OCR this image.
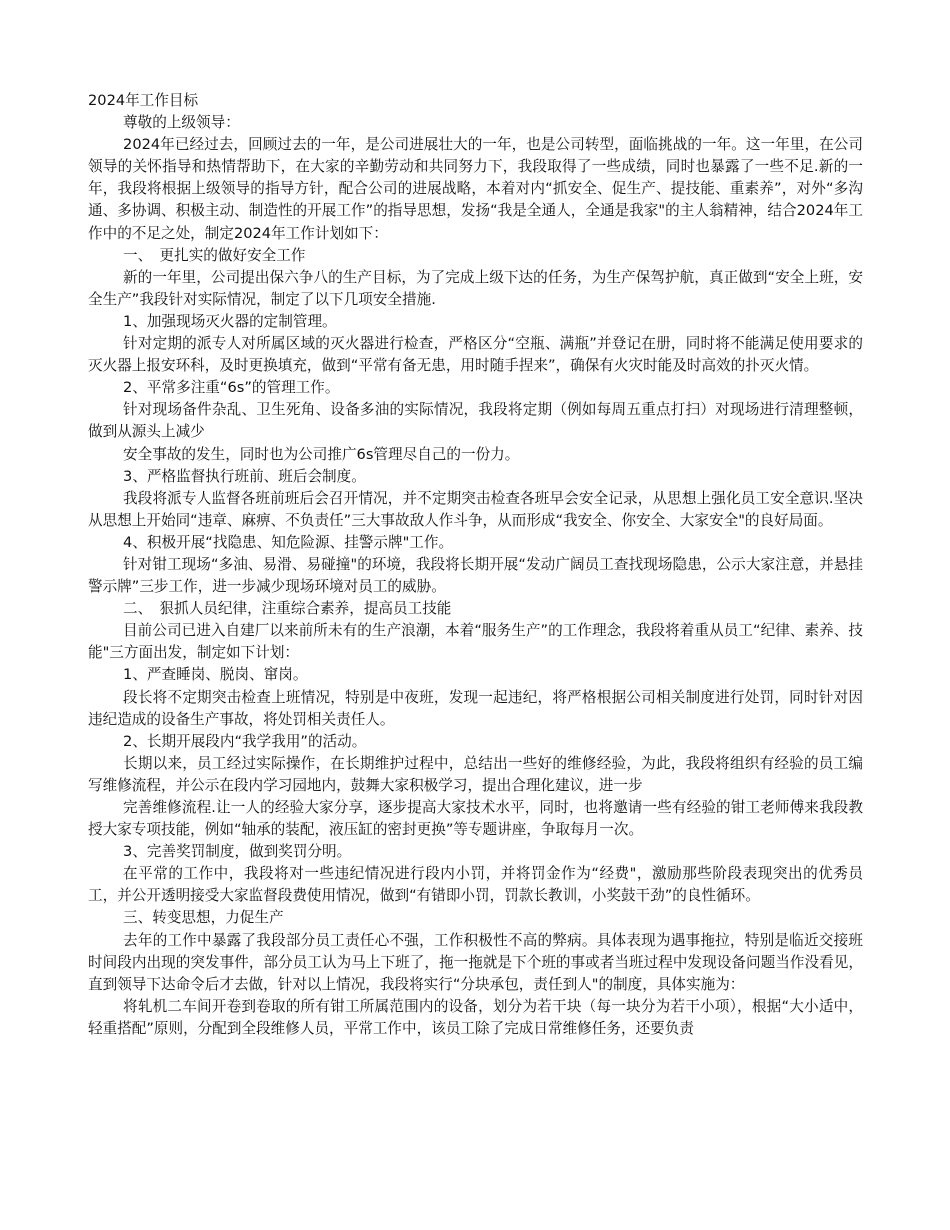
2024年工作目标

尊敬的上级领导：

2024年已经过去，回顾过去的一年，是公司进展壮大的一年，也是公司转型，面临挑战的一年。这一年里，在公司领导的关怀指导和热情帮助下，在大家的辛勤劳动和共同努力下，我段取得了一些成绩，同时也暴露了一些不足.新的一年，我段将根据上级领导的指导方针，配合公司的进展战略，本着对内“抓安全、促生产、提技能、重素养”，对外“多沟通、多协调、积极主动、制造性的开展工作”的指导思想，发扬“我是全通人，全通是我家"的主人翁精神，结合2024年工作中的不足之处，制定2024年工作计划如下：

一、　更扎实的做好安全工作

新的一年里，公司提出保六争八的生产目标，为了完成上级下达的任务，为生产保驾护航，真正做到“安全上班，安全生产”我段针对实际情况，制定了以下几项安全措施.

1、加强现场灭火器的定制管理。

针对定期的派专人对所属区域的灭火器进行检查，严格区分“空瓶、满瓶”并登记在册，同时将不能满足使用要求的灭火器上报安环科，及时更换填充，做到“平常有备无患，用时随手捏来”，确保有火灾时能及时高效的扑灭火情。

2、平常多注重“6s”的管理工作。

针对现场备件杂乱、卫生死角、设备多油的实际情况，我段将定期（例如每周五重点打扫）对现场进行清理整顿，做到从源头上减少

安全事故的发生，同时也为公司推广6s管理尽自己的一份力。

3、严格监督执行班前、班后会制度。

我段将派专人监督各班前班后会召开情况，并不定期突击检查各班早会安全记录，从思想上强化员工安全意识.坚决从思想上开始同“违章、麻痹、不负责任”三大事故敌人作斗争，从而形成“我安全、你安全、大家安全"的良好局面。

4、积极开展“找隐患、知危险源、挂警示牌"工作。

针对钳工现场“多油、易滑、易碰撞"的环境，我段将长期开展“发动广阔员工查找现场隐患，公示大家注意，并悬挂警示牌”三步工作，进一步减少现场环境对员工的威胁。

二、　狠抓人员纪律，注重综合素养，提高员工技能

目前公司已进入自建厂以来前所未有的生产浪潮，本着“服务生产”的工作理念，我段将着重从员工“纪律、素养、技能"三方面出发，制定如下计划：

1、严查睡岗、脱岗、窜岗。

段长将不定期突击检查上班情况，特别是中夜班，发现一起违纪，将严格根据公司相关制度进行处罚，同时针对因违纪造成的设备生产事故，将处罚相关责任人。

2、长期开展段内“我学我用”的活动。

长期以来，员工经过实际操作，在长期维护过程中，总结出一些好的维修经验，为此，我段将组织有经验的员工编写维修流程，并公示在段内学习园地内，鼓舞大家积极学习，提出合理化建议，进一步

完善维修流程.让一人的经验大家分享，逐步提高大家技术水平，同时，也将邀请一些有经验的钳工老师傅来我段教授大家专项技能，例如“轴承的装配，液压缸的密封更换”等专题讲座，争取每月一次。

3、完善奖罚制度，做到奖罚分明。

在平常的工作中，我段将对一些违纪情况进行段内小罚，并将罚金作为“经费"，激励那些阶段表现突出的优秀员工，并公开透明接受大家监督段费使用情况，做到“有错即小罚，罚款长教训，小奖鼓干劲”的良性循环。

三、转变思想，力促生产

去年的工作中暴露了我段部分员工责任心不强，工作积极性不高的弊病。具体表现为遇事拖拉，特别是临近交接班时间段内出现的突发事件，部分员工认为马上下班了，拖一拖就是下个班的事或者当班过程中发现设备问题当作没看见，直到领导下达命令后才去做，针对以上情况，我段将实行“分块承包，责任到人"的制度，具体实施为：

将轧机二车间开卷到卷取的所有钳工所属范围内的设备，划分为若干块（每一块分为若干小项），根据“大小适中，轻重搭配”原则，分配到全段维修人员，平常工作中，该员工除了完成日常维修任务，还要负责
